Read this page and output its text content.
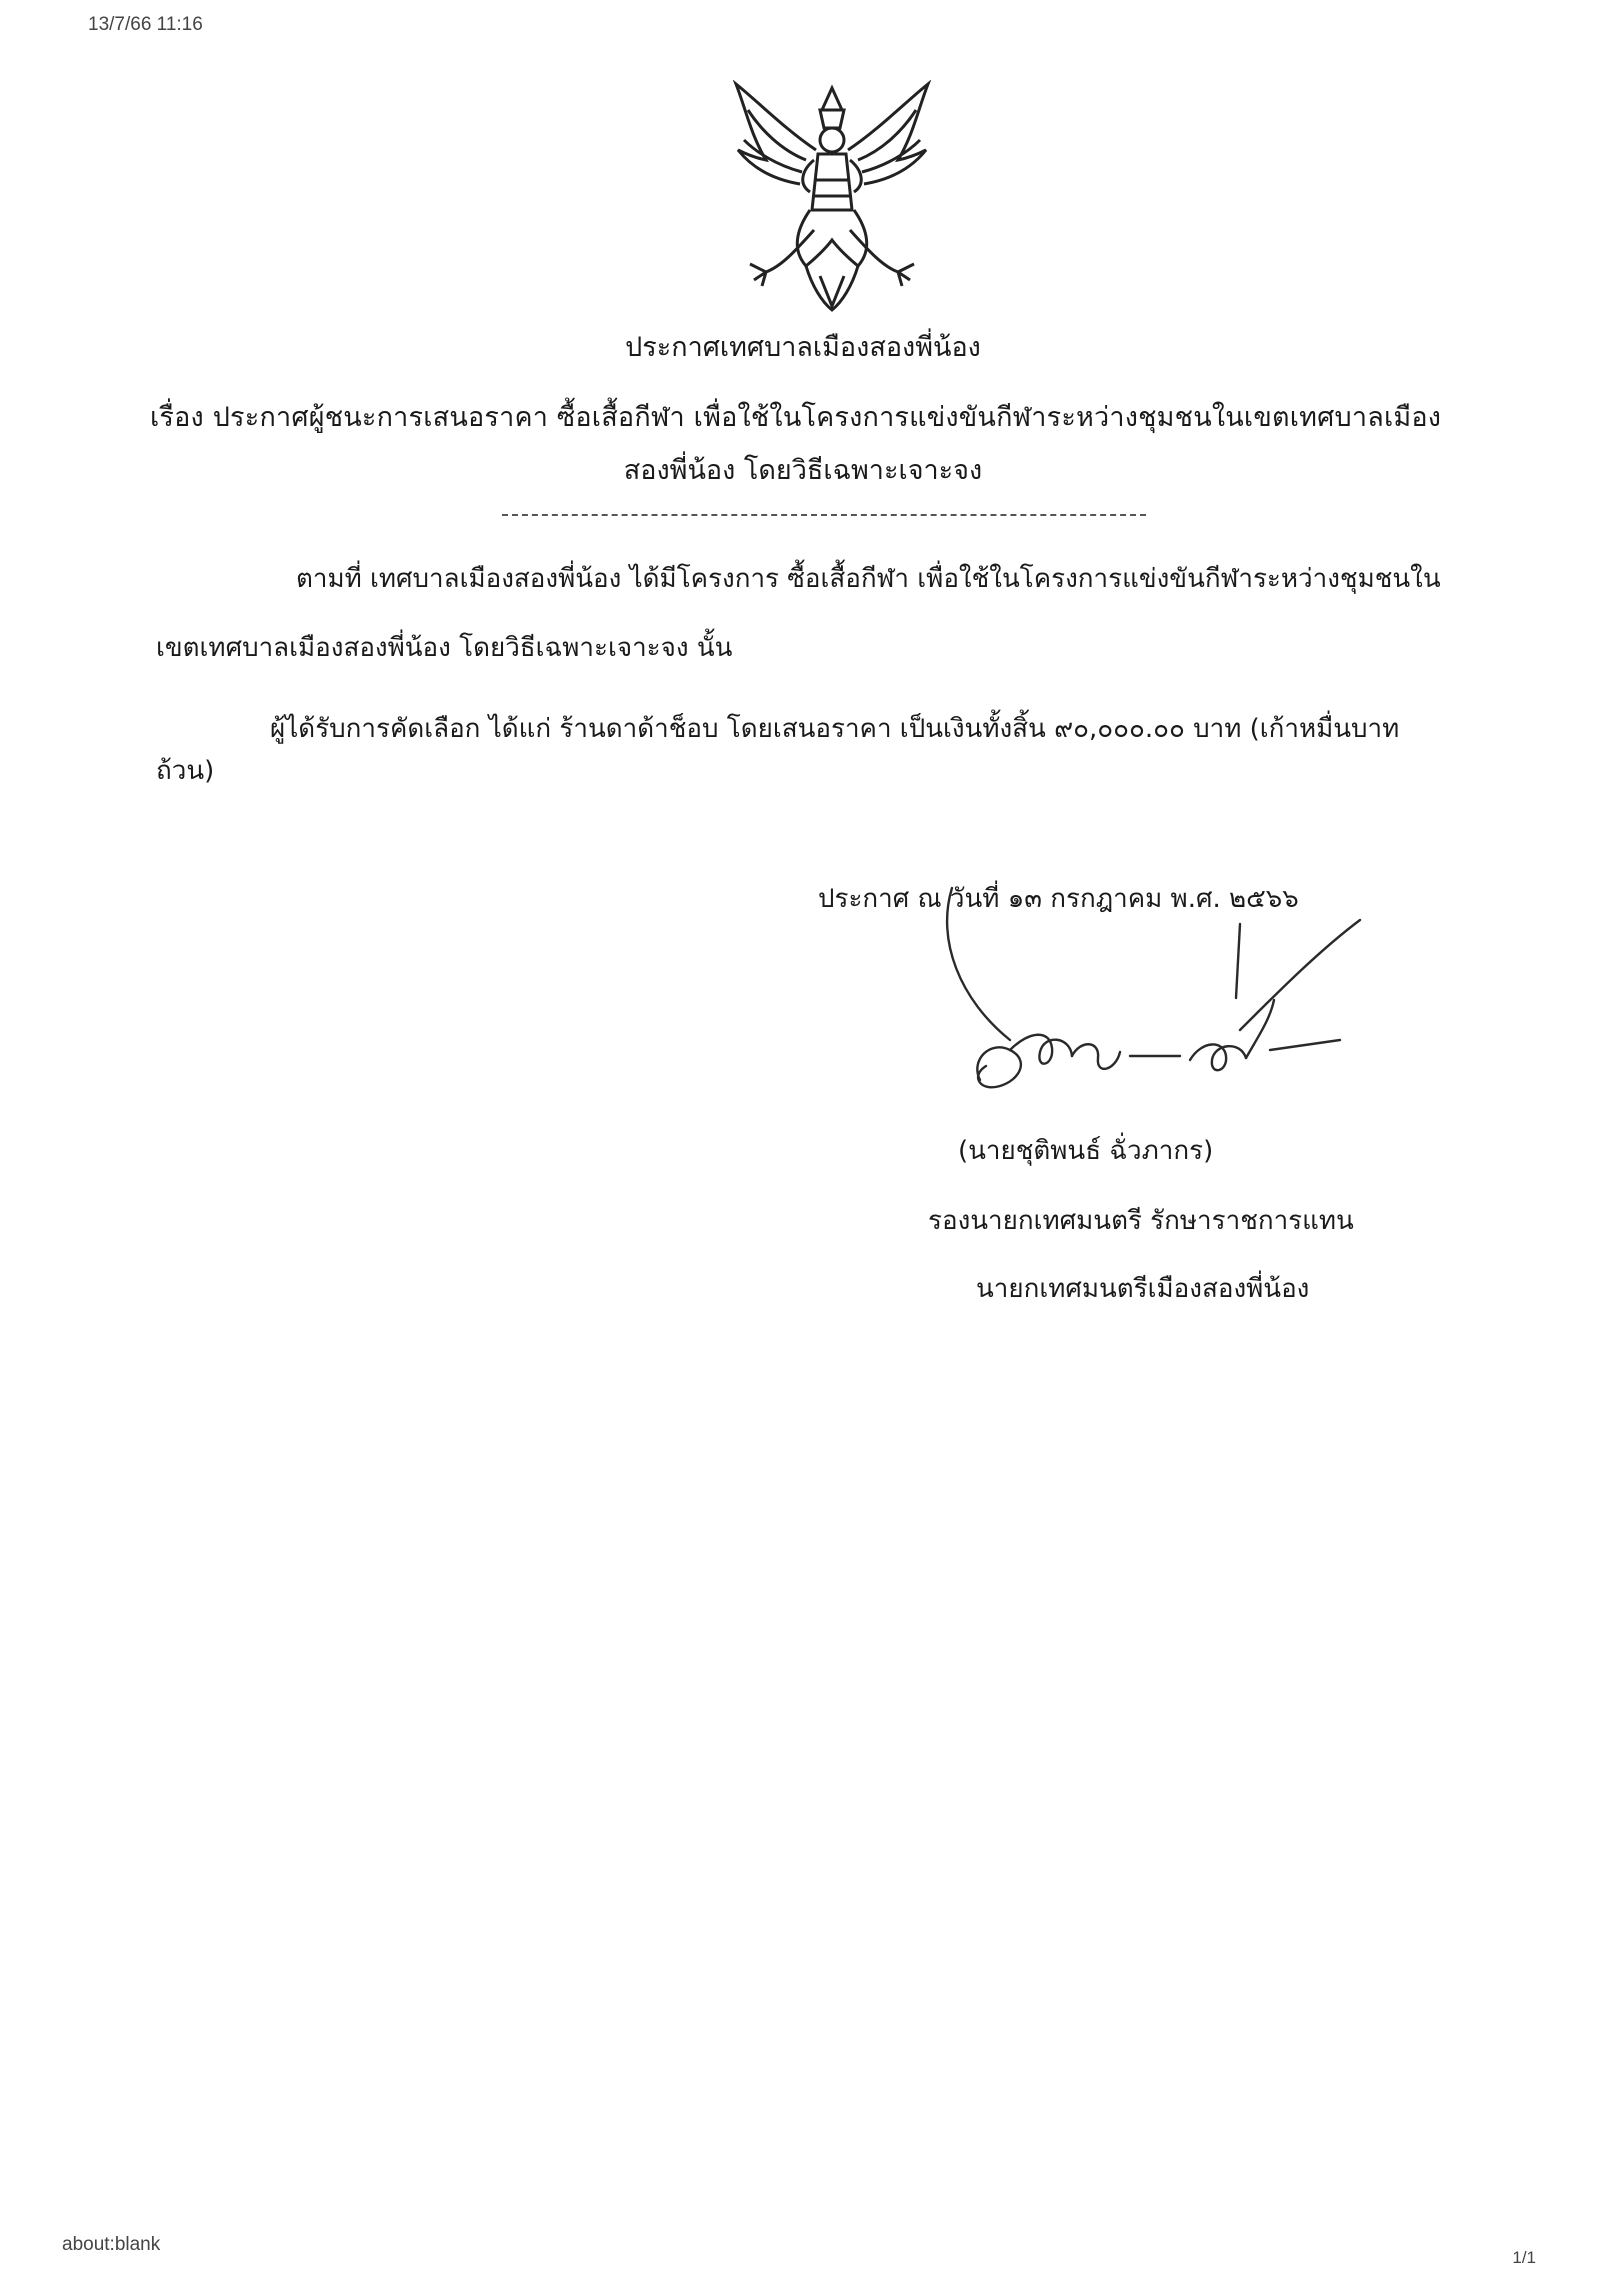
13/7/66 11:16
ประกาศเทศบาลเมืองสองพี่น้อง
เรื่อง ประกาศผู้ชนะการเสนอราคา ซื้อเสื้อกีฬา เพื่อใช้ในโครงการแข่งขันกีฬาระหว่างชุมชนในเขตเทศบาลเมือง
สองพี่น้อง โดยวิธีเฉพาะเจาะจง
ตามที่ เทศบาลเมืองสองพี่น้อง ได้มีโครงการ ซื้อเสื้อกีฬา เพื่อใช้ในโครงการแข่งขันกีฬาระหว่างชุมชนใน
เขตเทศบาลเมืองสองพี่น้อง โดยวิธีเฉพาะเจาะจง นั้น
ผู้ได้รับการคัดเลือก ได้แก่ ร้านดาด้าช็อบ โดยเสนอราคา เป็นเงินทั้งสิ้น ๙๐,๐๐๐.๐๐ บาท (เก้าหมื่นบาท
ถ้วน)
ประกาศ ณ วันที่ ๑๓ กรกฎาคม พ.ศ. ๒๕๖๖
(นายชุติพนธ์ ฉั่วภากร)
รองนายกเทศมนตรี รักษาราชการแทน
นายกเทศมนตรีเมืองสองพี่น้อง
about:blank
1/1
